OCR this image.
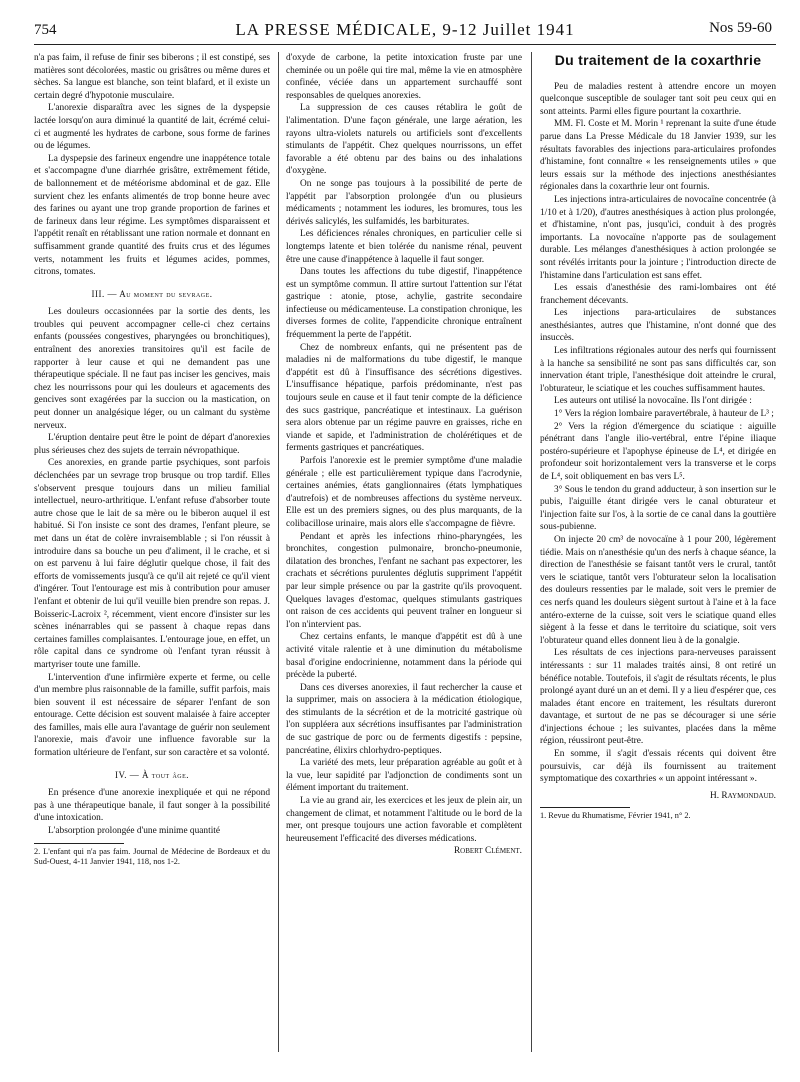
754	LA PRESSE MÉDICALE, 9-12 Juillet 1941	Nos 59-60

n'a pas faim, il refuse de finir ses biberons ; il est constipé, ses matières sont décolorées, mastic ou grisâtres ou même dures et sèches. Sa langue est blanche, son teint blafard, et il existe un certain degré d'hypotonie musculaire.

L'anorexie disparaîtra avec les signes de la dyspepsie lactée lorsqu'on aura diminué la quantité de lait, écrémé celui-ci et augmenté les hydrates de carbone, sous forme de farines ou de légumes.

La dyspepsie des farineux engendre une inappétence totale et s'accompagne d'une diarrhée grisâtre, extrêmement fétide, de ballonnement et de météorisme abdominal et de gaz. Elle survient chez les enfants alimentés de trop bonne heure avec des farines ou ayant une trop grande proportion de farines et de farineux dans leur régime. Les symptômes disparaissent et l'appétit renaît en rétablissant une ration normale et donnant en suffisamment grande quantité des fruits crus et des légumes verts, notamment les fruits et légumes acides, pommes, citrons, tomates.

III. — Au moment du sevrage.

Les douleurs occasionnées par la sortie des dents, les troubles qui peuvent accompagner celle-ci chez certains enfants (poussées congestives, pharyngées ou bronchitiques), entraînent des anorexies transitoires qu'il est facile de rapporter à leur cause et qui ne demandent pas une thérapeutique spéciale. Il ne faut pas inciser les gencives, mais chez les nourrissons pour qui les douleurs et agacements des gencives sont exagérées par la succion ou la mastication, on peut donner un analgésique léger, ou un calmant du système nerveux.

L'éruption dentaire peut être le point de départ d'anorexies plus sérieuses chez des sujets de terrain névropathique.

Ces anorexies, en grande partie psychiques, sont parfois déclenchées par un sevrage trop brusque ou trop tardif. Elles s'observent presque toujours dans un milieu familial intellectuel, neuro-arthritique. L'enfant refuse d'absorber toute autre chose que le lait de sa mère ou le biberon auquel il est habitué. Si l'on insiste ce sont des drames, l'enfant pleure, se met dans un état de colère invraisemblable ; si l'on réussit à introduire dans sa bouche un peu d'aliment, il le crache, et si on est parvenu à lui faire déglutir quelque chose, il fait des efforts de vomissements jusqu'à ce qu'il ait rejeté ce qu'il vient d'ingérer. Tout l'entourage est mis à contribution pour amuser l'enfant et obtenir de lui qu'il veuille bien prendre son repas. J. Boisseric-Lacroix ², récemment, vient encore d'insister sur les scènes inénarrables qui se passent à chaque repas dans certaines familles complaisantes. L'entourage joue, en effet, un rôle capital dans ce syndrome où l'enfant tyran réussit à martyriser toute une famille.

L'intervention d'une infirmière experte et ferme, ou celle d'un membre plus raisonnable de la famille, suffit parfois, mais bien souvent il est nécessaire de séparer l'enfant de son entourage. Cette décision est souvent malaisée à faire accepter des familles, mais elle aura l'avantage de guérir non seulement l'anorexie, mais d'avoir une influence favorable sur la formation ultérieure de l'enfant, sur son caractère et sa volonté.

IV. — À tout âge.

En présence d'une anorexie inexpliquée et qui ne répond pas à une thérapeutique banale, il faut songer à la possibilité d'une intoxication.

L'absorption prolongée d'une minime quantité

2. L'enfant qui n'a pas faim. Journal de Médecine de Bordeaux et du Sud-Ouest, 4-11 Janvier 1941, 118, nos 1-2.

d'oxyde de carbone, la petite intoxication fruste par une cheminée ou un poêle qui tire mal, même la vie en atmosphère confinée, véciée dans un appartement surchauffé sont responsables de quelques anorexies.

La suppression de ces causes rétablira le goût de l'alimentation. D'une façon générale, une large aération, les rayons ultra-violets naturels ou artificiels sont d'excellents stimulants de l'appétit. Chez quelques nourrissons, un effet favorable a été obtenu par des bains ou des inhalations d'oxygène.

On ne songe pas toujours à la possibilité de perte de l'appétit par l'absorption prolongée d'un ou plusieurs médicaments ; notamment les iodures, les bromures, tous les dérivés salicylés, les sulfamidés, les barbiturates.

Les déficiences rénales chroniques, en particulier celle si longtemps latente et bien tolérée du nanisme rénal, peuvent être une cause d'inappétence à laquelle il faut songer.

Dans toutes les affections du tube digestif, l'inappétence est un symptôme commun. Il attire surtout l'attention sur l'état gastrique : atonie, ptose, achylie, gastrite secondaire infectieuse ou médicamenteuse. La constipation chronique, les diverses formes de colite, l'appendicite chronique entraînent fréquemment la perte de l'appétit.

Chez de nombreux enfants, qui ne présentent pas de maladies ni de malformations du tube digestif, le manque d'appétit est dû à l'insuffisance des sécrétions digestives. L'insuffisance hépatique, parfois prédominante, n'est pas toujours seule en cause et il faut tenir compte de la déficience des sucs gastrique, pancréatique et intestinaux. La guérison sera alors obtenue par un régime pauvre en graisses, riche en viande et sapide, et l'administration de cholérétiques et de ferments gastriques et pancréatiques.

Parfois l'anorexie est le premier symptôme d'une maladie générale ; elle est particulièrement typique dans l'acrodynie, certaines anémies, états ganglionnaires (états lymphatiques d'autrefois) et de nombreuses affections du système nerveux. Elle est un des premiers signes, ou des plus marquants, de la colibacillose urinaire, mais alors elle s'accompagne de fièvre.

Pendant et après les infections rhino-pharyngées, les bronchites, congestion pulmonaire, broncho-pneumonie, dilatation des bronches, l'enfant ne sachant pas expectorer, les crachats et sécrétions purulentes déglutis suppriment l'appétit par leur simple présence ou par la gastrite qu'ils provoquent. Quelques lavages d'estomac, quelques stimulants gastriques ont raison de ces accidents qui peuvent traîner en longueur si l'on n'intervient pas.

Chez certains enfants, le manque d'appétit est dû à une activité vitale ralentie et à une diminution du métabolisme basal d'origine endocrinienne, notamment dans la période qui précède la puberté.

Dans ces diverses anorexies, il faut rechercher la cause et la supprimer, mais on associera à la médication étiologique, des stimulants de la sécrétion et de la motricité gastrique où l'on suppléera aux sécrétions insuffisantes par l'administration de suc gastrique de porc ou de ferments digestifs : pepsine, pancréatine, élixirs chlorhydro-peptiques.

La variété des mets, leur préparation agréable au goût et à la vue, leur sapidité par l'adjonction de condiments sont un élément important du traitement.

La vie au grand air, les exercices et les jeux de plein air, un changement de climat, et notamment l'altitude ou le bord de la mer, ont presque toujours une action favorable et complètent heureusement l'efficacité des diverses médications.

Robert Clément.
Du traitement de la coxarthrie

Peu de maladies restent à attendre encore un moyen quelconque susceptible de soulager tant soit peu ceux qui en sont atteints. Parmi elles figure pourtant la coxarthrie.

MM. Fl. Coste et M. Morin ¹ reprenant la suite d'une étude parue dans La Presse Médicale du 18 Janvier 1939, sur les résultats favorables des injections para-articulaires profondes d'histamine, font connaître « les renseignements utiles » que leurs essais sur la méthode des injections anesthésiantes régionales dans la coxarthrie leur ont fournis.

Les injections intra-articulaires de novocaïne concentrée (à 1/10 et à 1/20), d'autres anesthésiques à action plus prolongée, et d'histamine, n'ont pas, jusqu'ici, conduit à des progrès importants. La novocaïne n'apporte pas de soulagement durable. Les mélanges d'anesthésiques à action prolongée se sont révélés irritants pour la jointure ; l'introduction directe de l'histamine dans l'articulation est sans effet.

Les essais d'anesthésie des rami-lombaires ont été franchement décevants.

Les injections para-articulaires de substances anesthésiantes, autres que l'histamine, n'ont donné que des insuccès.

Les infiltrations régionales autour des nerfs qui fournissent à la hanche sa sensibilité ne sont pas sans difficultés car, son innervation étant triple, l'anesthésique doit atteindre le crural, l'obturateur, le sciatique et les couches suffisamment hautes.

Les auteurs ont utilisé la novocaïne. Ils l'ont dirigée :

1° Vers la région lombaire paravertébrale, à hauteur de L³ ;

2° Vers la région d'émergence du sciatique : aiguille pénétrant dans l'angle ilio-vertébral, entre l'épine iliaque postéro-supérieure et l'apophyse épineuse de L⁴, et dirigée en profondeur soit horizontalement vers la transverse et le corps de L⁴, soit obliquement en bas vers L⁵.

3° Sous le tendon du grand adducteur, à son insertion sur le pubis, l'aiguille étant dirigée vers le canal obturateur et l'injection faite sur l'os, à la sortie de ce canal dans la gouttière sous-pubienne.

On injecte 20 cm³ de novocaïne à 1 pour 200, légèrement tiédie. Mais on n'anesthésie qu'un des nerfs à chaque séance, la direction de l'anesthésie se faisant tantôt vers le crural, tantôt vers le sciatique, tantôt vers l'obturateur selon la localisation des douleurs ressenties par le malade, soit vers le premier de ces nerfs quand les douleurs siègent surtout à l'aine et à la face antéro-externe de la cuisse, soit vers le sciatique quand elles siègent à la fesse et dans le territoire du sciatique, soit vers l'obturateur quand elles donnent lieu à de la gonalgie.

Les résultats de ces injections para-nerveuses paraissent intéressants : sur 11 malades traités ainsi, 8 ont retiré un bénéfice notable. Toutefois, il s'agit de résultats récents, le plus prolongé ayant duré un an et demi. Il y a lieu d'espérer que, ces malades étant encore en traitement, les résultats dureront davantage, et surtout de ne pas se décourager si une série d'injections échoue ; les suivantes, placées dans la même région, réussiront peut-être.

En somme, il s'agit d'essais récents qui doivent être poursuivis, car déjà ils fournissent au traitement symptomatique des coxarthries « un appoint intéressant ».

H. Raymondaud.

1. Revue du Rhumatisme, Février 1941, n° 2.
